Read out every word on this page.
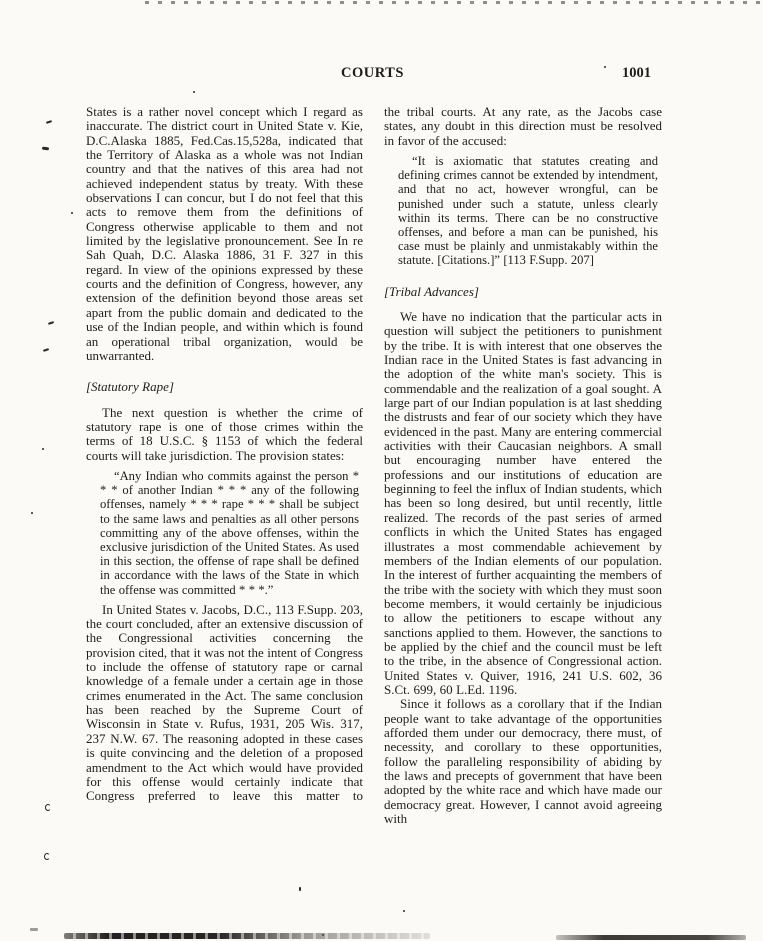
COURTS	1001

States is a rather novel concept which I regard as inaccurate. The district court in United State v. Kie, D.C.Alaska 1885, Fed.Cas.15,528a, indicated that the Territory of Alaska as a whole was not Indian country and that the natives of this area had not achieved independent status by treaty. With these observations I can concur, but I do not feel that this acts to remove them from the definitions of Congress otherwise applicable to them and not limited by the legislative pronouncement. See In re Sah Quah, D.C. Alaska 1886, 31 F. 327 in this regard. In view of the opinions expressed by these courts and the definition of Congress, however, any extension of the definition beyond those areas set apart from the public domain and dedicated to the use of the Indian people, and within which is found an operational tribal organization, would be unwarranted.

[Statutory Rape]

The next question is whether the crime of statutory rape is one of those crimes within the terms of 18 U.S.C. § 1153 of which the federal courts will take jurisdiction. The provision states:

“Any Indian who commits against the person * * * of another Indian * * * any of the following offenses, namely * * * rape * * * shall be subject to the same laws and penalties as all other persons committing any of the above offenses, within the exclusive jurisdiction of the United States. As used in this section, the offense of rape shall be defined in accordance with the laws of the State in which the offense was committed * * *.”

In United States v. Jacobs, D.C., 113 F.Supp. 203, the court concluded, after an extensive discussion of the Congressional activities concerning the provision cited, that it was not the intent of Congress to include the offense of statutory rape or carnal knowledge of a female under a certain age in those crimes enumerated in the Act. The same conclusion has been reached by the Supreme Court of Wisconsin in State v. Rufus, 1931, 205 Wis. 317, 237 N.W. 67. The reasoning adopted in these cases is quite convincing and the deletion of a proposed amendment to the Act which would have provided for this offense would certainly indicate that Congress preferred to leave this matter to

the tribal courts. At any rate, as the Jacobs case states, any doubt in this direction must be resolved in favor of the accused:

“It is axiomatic that statutes creating and defining crimes cannot be extended by intendment, and that no act, however wrongful, can be punished under such a statute, unless clearly within its terms. There can be no constructive offenses, and before a man can be punished, his case must be plainly and unmistakably within the statute. [Citations.]” [113 F.Supp. 207]

[Tribal Advances]

We have no indication that the particular acts in question will subject the petitioners to punishment by the tribe. It is with interest that one observes the Indian race in the United States is fast advancing in the adoption of the white man's society. This is commendable and the realization of a goal sought. A large part of our Indian population is at last shedding the distrusts and fear of our society which they have evidenced in the past. Many are entering commercial activities with their Caucasian neighbors. A small but encouraging number have entered the professions and our institutions of education are beginning to feel the influx of Indian students, which has been so long desired, but until recently, little realized. The records of the past series of armed conflicts in which the United States has engaged illustrates a most commendable achievement by members of the Indian elements of our population. In the interest of further acquainting the members of the tribe with the society with which they must soon become members, it would certainly be injudicious to allow the petitioners to escape without any sanctions applied to them. However, the sanctions to be applied by the chief and the council must be left to the tribe, in the absence of Congressional action. United States v. Quiver, 1916, 241 U.S. 602, 36 S.Ct. 699, 60 L.Ed. 1196.

Since it follows as a corollary that if the Indian people want to take advantage of the opportunities afforded them under our democracy, there must, of necessity, and corollary to these opportunities, follow the paralleling responsibility of abiding by the laws and precepts of government that have been adopted by the white race and which have made our democracy great. However, I cannot avoid agreeing with
